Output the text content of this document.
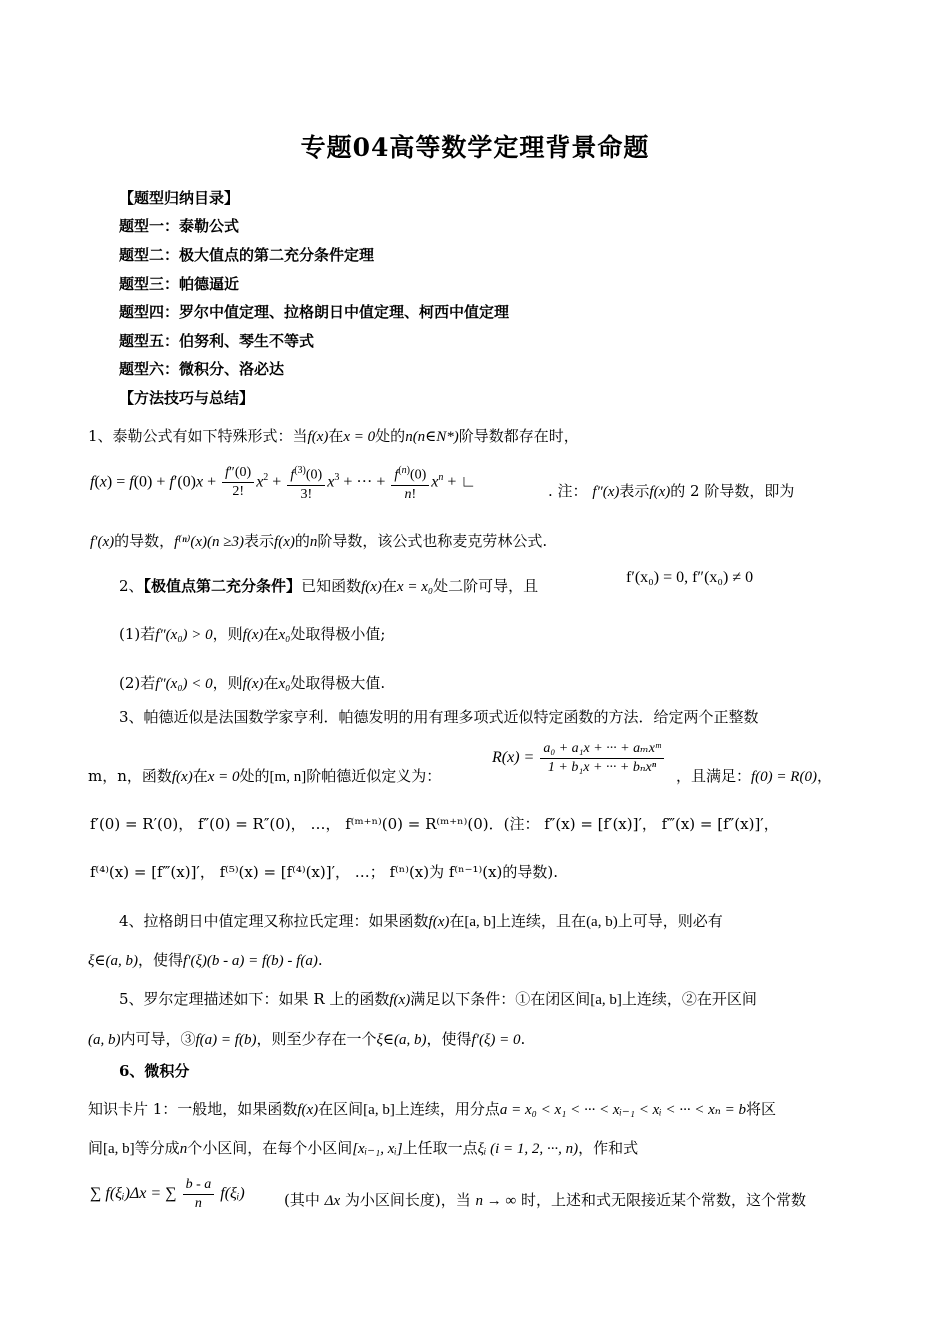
专题04高等数学定理背景命题
【题型归纳目录】
题型一：泰勒公式
题型二：极大值点的第二充分条件定理
题型三：帕德逼近
题型四：罗尔中值定理、拉格朗日中值定理、柯西中值定理
题型五：伯努利、琴生不等式
题型六：微积分、洛必达
【方法技巧与总结】
1、泰勒公式有如下特殊形式：当f(x)在x = 0处的n(n∈N*)阶导数都存在时，
$f(x) = f(0) + f'(0)x + \frac{f''(0)}{2!} x^2 + \frac{f^{(3)}(0)}{3!} x^3$ + ··· + $\frac{f^{(n)}(0)}{n!} x^n$ + ∟	. 注： f″(x)表示f(x)的 2 阶导数，即为
f′(x)的导数，f⁽ⁿ⁾(x)(n ≥3)表示f(x)的n阶导数，该公式也称麦克劳林公式.
2、【极值点第二充分条件】已知函数f(x)在x = x₀处二阶可导，且	f′(x₀) = 0, f″(x₀) ≠ 0
(1)若f″(x₀) > 0，则f(x)在x₀处取得极小值;
(2)若f″(x₀) < 0，则f(x)在x₀处取得极大值.
3、帕德近似是法国数学家亨利．帕德发明的用有理多项式近似特定函数的方法．给定两个正整数
m，n，函数f(x)在x = 0处的[m, n]阶帕德近似定义为：
$R(x) = \frac{\text{a₀ + a₁x + ··· + aₘxᵐ}}{\text{1 + b₁x + ··· + bₙxⁿ}}$ ，且满足：f(0) = R(0)，
f′(0) = R′(0)， f″(0) = R″(0)， …， f⁽ᵐ⁺ⁿ⁾(0) = R⁽ᵐ⁺ⁿ⁾(0)．(注： f″(x) = [f′(x)]′， f‴(x) = [f″(x)]′，
f⁽⁴⁾(x) = [f‴(x)]′， f⁽⁵⁾(x) = [f⁽⁴⁾(x)]′， …； f⁽ⁿ⁾(x)为 f⁽ⁿ⁻¹⁾(x)的导数).
4、拉格朗日中值定理又称拉氏定理：如果函数f(x)在[a, b]上连续，且在(a, b)上可导，则必有
ξ∈(a, b)，使得f′(ξ)(b - a) = f(b) - f(a).
5、罗尔定理描述如下：如果 R 上的函数f(x)满足以下条件：①在闭区间[a, b]上连续，②在开区间
(a, b)内可导，③f(a) = f(b)，则至少存在一个ξ∈(a, b)，使得f′(ξ) = 0.
6、微积分
知识卡片 1：一般地，如果函数f(x)在区间[a, b]上连续，用分点a = x₀ < x₁ < ··· < xᵢ₋₁ < xᵢ < ··· < xₙ = b将区
间[a, b]等分成n个小区间，在每个小区间[xᵢ₋₁, xᵢ]上任取一点ξᵢ (i = 1, 2, ···, n)，作和式
∑ f(ξᵢ)Δx = ∑ $\frac{b - a}{n}$ f(ξᵢ)	(其中 Δx 为小区间长度)，当 n → ∞ 时，上述和式无限接近某个常数，这个常数
